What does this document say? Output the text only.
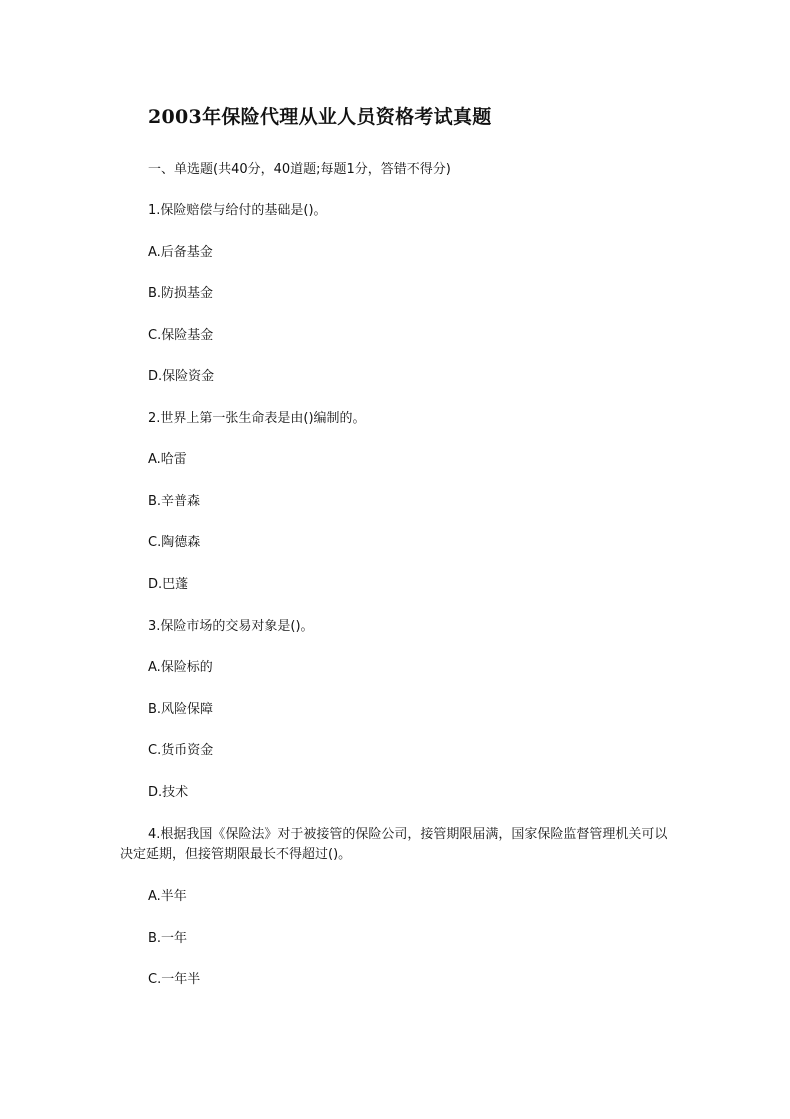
2003年保险代理从业人员资格考试真题

一、单选题(共40分，40道题;每题1分，答错不得分)

1.保险赔偿与给付的基础是()。

A.后备基金

B.防损基金

C.保险基金

D.保险资金

2.世界上第一张生命表是由()编制的。

A.哈雷

B.辛普森

C.陶德森

D.巴蓬

3.保险市场的交易对象是()。

A.保险标的

B.风险保障

C.货币资金

D.技术

4.根据我国《保险法》对于被接管的保险公司，接管期限届满，国家保险监督管理机关可以决定延期，但接管期限最长不得超过()。

A.半年

B.一年

C.一年半
